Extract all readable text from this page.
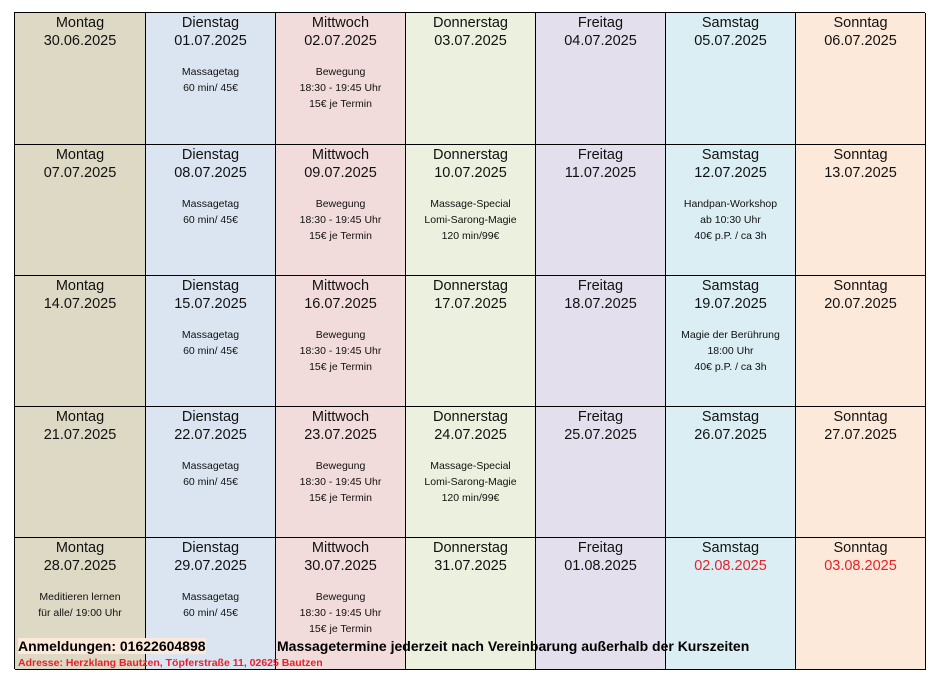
Montag
30.06.2025
Dienstag
01.07.2025
Massagetag
60 min/ 45€
Mittwoch
02.07.2025
Bewegung
18:30 - 19:45 Uhr
15€ je Termin
Donnerstag
03.07.2025
Freitag
04.07.2025
Samstag
05.07.2025
Sonntag
06.07.2025
Montag
07.07.2025
Dienstag
08.07.2025
Massagetag
60 min/ 45€
Mittwoch
09.07.2025
Bewegung
18:30 - 19:45 Uhr
15€ je Termin
Donnerstag
10.07.2025
Massage-Special
Lomi-Sarong-Magie
120 min/99€
Freitag
11.07.2025
Samstag
12.07.2025
Handpan-Workshop
ab 10:30 Uhr
40€ p.P. / ca 3h
Sonntag
13.07.2025
Montag
14.07.2025
Dienstag
15.07.2025
Massagetag
60 min/ 45€
Mittwoch
16.07.2025
Bewegung
18:30 - 19:45 Uhr
15€ je Termin
Donnerstag
17.07.2025
Freitag
18.07.2025
Samstag
19.07.2025
Magie der Berührung
18:00 Uhr
40€ p.P. / ca 3h
Sonntag
20.07.2025
Montag
21.07.2025
Dienstag
22.07.2025
Massagetag
60 min/ 45€
Mittwoch
23.07.2025
Bewegung
18:30 - 19:45 Uhr
15€ je Termin
Donnerstag
24.07.2025
Massage-Special
Lomi-Sarong-Magie
120 min/99€
Freitag
25.07.2025
Samstag
26.07.2025
Sonntag
27.07.2025
Montag
28.07.2025
Meditieren lernen
für alle/ 19:00 Uhr
Dienstag
29.07.2025
Massagetag
60 min/ 45€
Mittwoch
30.07.2025
Bewegung
18:30 - 19:45 Uhr
15€ je Termin
Donnerstag
31.07.2025
Freitag
01.08.2025
Samstag
02.08.2025
Sonntag
03.08.2025
Anmeldungen: 01622604898	Massagetermine jederzeit nach Vereinbarung außerhalb der Kurszeiten
Adresse: Herzklang Bautzen, Töpferstraße 11, 02625 Bautzen
